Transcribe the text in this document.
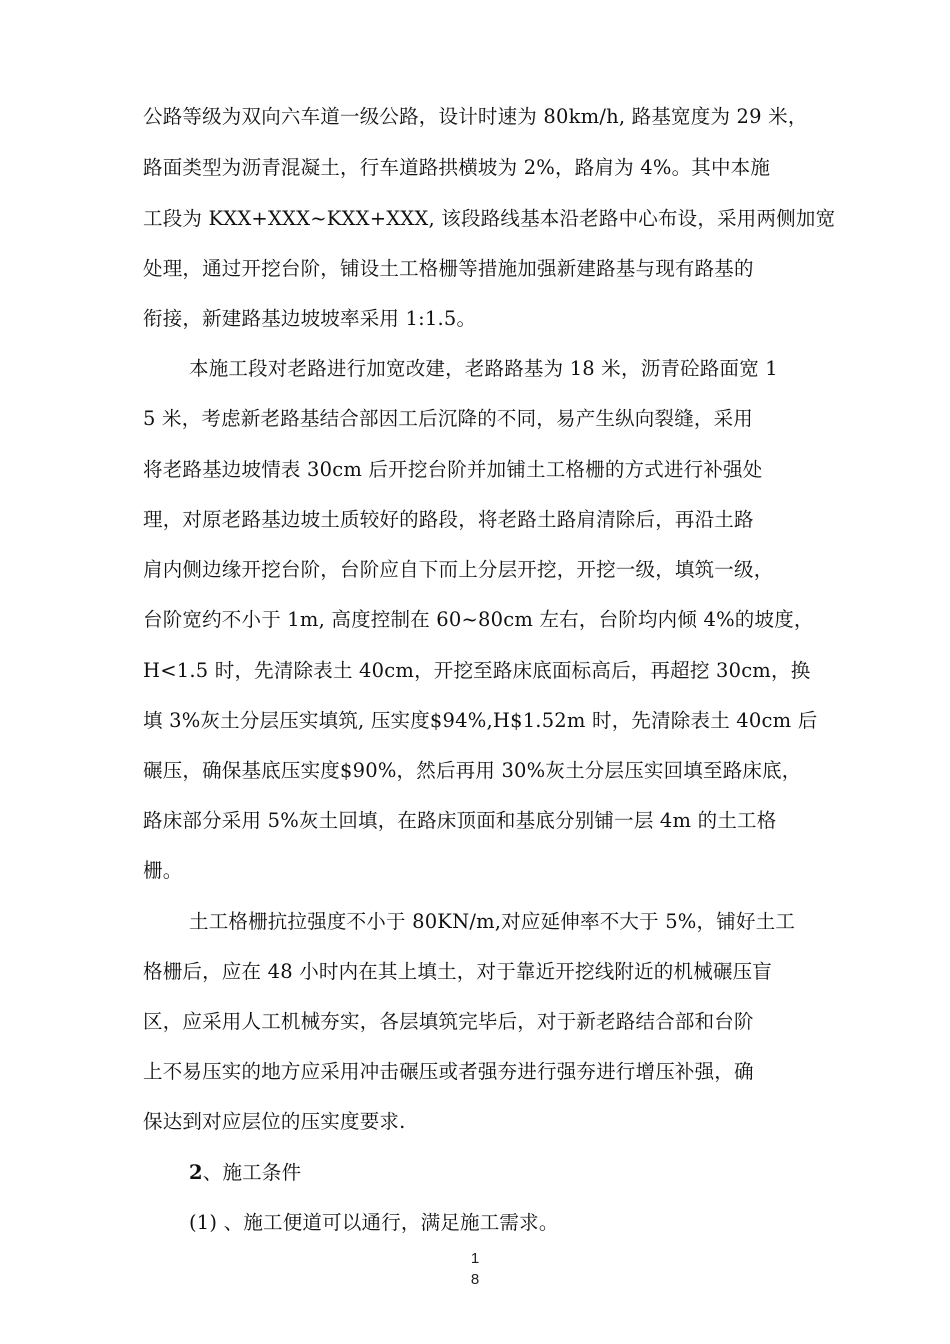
公路等级为双向六车道一级公路，设计时速为 80km/h, 路基宽度为 29 米，
路面类型为沥青混凝土，行车道路拱横坡为 2%，路肩为 4%。其中本施
工段为 KXX+XXX~KXX+XXX, 该段路线基本沿老路中心布设，采用两侧加宽
处理，通过开挖台阶，铺设土工格栅等措施加强新建路基与现有路基的
衔接，新建路基边坡坡率采用 1:1.5。
本施工段对老路进行加宽改建，老路路基为 18 米，沥青砼路面宽 1
5 米，考虑新老路基结合部因工后沉降的不同，易产生纵向裂缝，采用
将老路基边坡情表 30cm 后开挖台阶并加铺土工格栅的方式进行补强处
理，对原老路基边坡土质较好的路段，将老路土路肩清除后，再沿土路
肩内侧边缘开挖台阶，台阶应自下而上分层开挖，开挖一级，填筑一级，
台阶宽约不小于 1m, 高度控制在 60~80cm 左右，台阶均内倾 4%的坡度，
H<1.5 时，先清除表土 40cm，开挖至路床底面标高后，再超挖 30cm，换
填 3%灰土分层压实填筑, 压实度$94%,H$1.52m 时，先清除表土 40cm 后
碾压，确保基底压实度$90%，然后再用 30%灰土分层压实回填至路床底，
路床部分采用 5%灰土回填，在路床顶面和基底分别铺一层 4m 的土工格
栅。
土工格栅抗拉强度不小于 80KN/m,对应延伸率不大于 5%，铺好土工
格栅后，应在 48 小时内在其上填土，对于靠近开挖线附近的机械碾压盲
区，应采用人工机械夯实，各层填筑完毕后，对于新老路结合部和台阶
上不易压实的地方应采用冲击碾压或者强夯进行强夯进行增压补强，确
保达到对应层位的压实度要求.
2、施工条件
(1) 、施工便道可以通行，满足施工需求。
1
8
